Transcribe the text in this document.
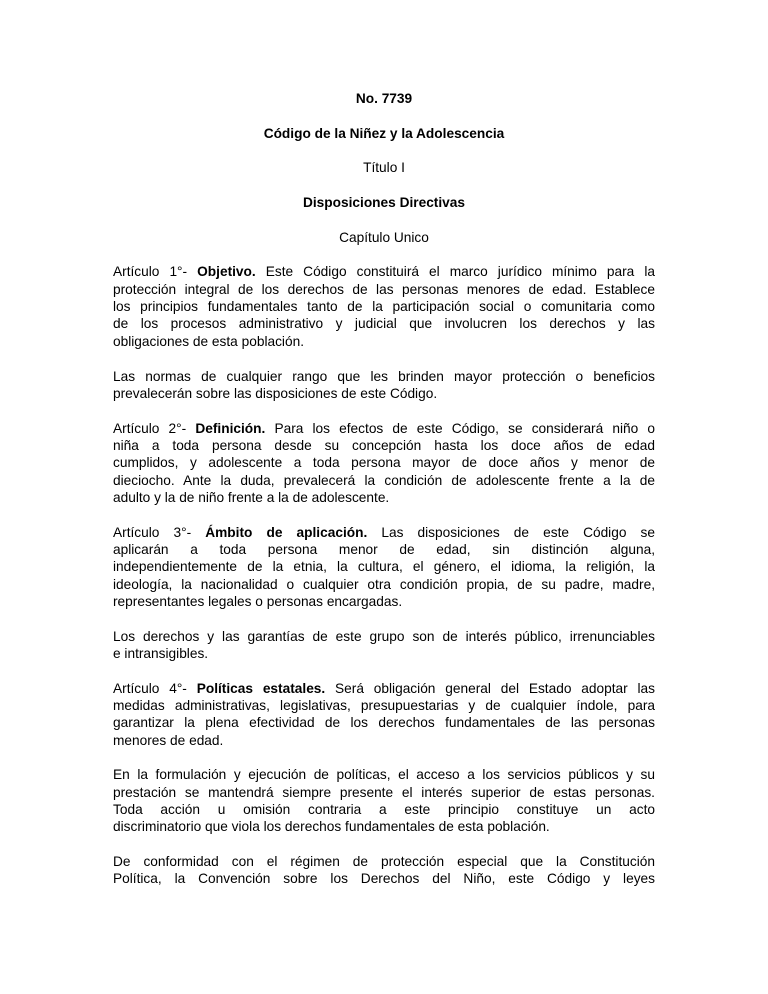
No. 7739
Código de la Niñez y la Adolescencia
Título I
Disposiciones Directivas
Capítulo Unico
Artículo 1°- Objetivo. Este Código constituirá el marco jurídico mínimo para la
protección integral de los derechos de las personas menores de edad. Establece
los principios fundamentales tanto de la participación social o comunitaria como
de los procesos administrativo y judicial que involucren los derechos y las
obligaciones de esta población.
Las normas de cualquier rango que les brinden mayor protección o beneficios
prevalecerán sobre las disposiciones de este Código.
Artículo 2°- Definición. Para los efectos de este Código, se considerará niño o
niña a toda persona desde su concepción hasta los doce años de edad
cumplidos, y adolescente a toda persona mayor de doce años y menor de
dieciocho. Ante la duda, prevalecerá la condición de adolescente frente a la de
adulto y la de niño frente a la de adolescente.
Artículo 3°- Ámbito de aplicación. Las disposiciones de este Código se
aplicarán a toda persona menor de edad, sin distinción alguna,
independientemente de la etnia, la cultura, el género, el idioma, la religión, la
ideología, la nacionalidad o cualquier otra condición propia, de su padre, madre,
representantes legales o personas encargadas.
Los derechos y las garantías de este grupo son de interés público, irrenunciables
e intransigibles.
Artículo 4°- Políticas estatales. Será obligación general del Estado adoptar las
medidas administrativas, legislativas, presupuestarias y de cualquier índole, para
garantizar la plena efectividad de los derechos fundamentales de las personas
menores de edad.
En la formulación y ejecución de políticas, el acceso a los servicios públicos y su
prestación se mantendrá siempre presente el interés superior de estas personas.
Toda acción u omisión contraria a este principio constituye un acto
discriminatorio que viola los derechos fundamentales de esta población.
De conformidad con el régimen de protección especial que la Constitución
Política, la Convención sobre los Derechos del Niño, este Código y leyes
